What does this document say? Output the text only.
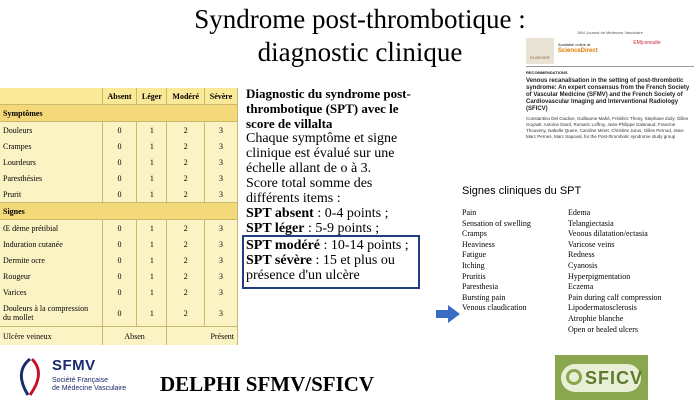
Syndrome post-thrombotique :
diagnostic clinique
	Absent	Léger	Modéré	Sévère
Symptômes				
Douleurs	0	1	2	3
Crampes	0	1	2	3
Lourdeurs	0	1	2	3
Paresthésies	0	1	2	3
Prurit	0	1	2	3
Signes				
Œ dème prétibial	0	1	2	3
Induration cutanée	0	1	2	3
Dermite ocre	0	1	2	3
Rougeur	0	1	2	3
Varices	0	1	2	3
Douleurs à la compression
du mollet	0	1	2	3
Ulcère veineux	Absen		Présent	

Diagnostic du syndrome post-thrombotique (SPT) avec le score de villalta

Chaque symptôme et signe clinique est évalué sur une échelle allant de o à 3.

Score total somme des différents items :

SPT absent : 0-4 points ;

SPT léger : 5-9 points ;

SPT modéré : 10-14 points ;
SPT sévère : 15 et plus ou présence d'un ulcère
JMV-Journal de Médecine Vasculaire
ELSEVIER
Available online at
ScienceDirect
EM|consulte
RECOMMENDATIONS
Venous recanalisation in the setting of post-thrombotic syndrome: An expert consensus from the French Society of Vascular Medicine (SFMV) and the French Society of Cardiovascular Imaging and Interventional Radiology (SFICV)
Constantino Del Giudice, Guillaume Mahé, Frédéric Thony, Stephane Zuily, Gilles Goyault, Antoine Diard, Romaric Loffroy, Jean-Philippe Galanaud, Francine Thouveny, Isabelle Quere, Caroline Minet, Christine Jurus, Gilles Pernod, Jean-Marc Pernes, Marc Sapoval, for the Post-thrombotic syndrome study group
Signes cliniques du SPT
Pain
Sensation of swelling
Cramps
Heaviness
Fatigue
Itching
Pruritis
Paresthesia
Bursting pain
Venous claudication
Edema
Telangiectasia
Veoous dilatation/ectasia
Varicose veins
Redness
Cyanosis
Hyperpigmentation
Eczema
Pain during calf compression
Lipodermatosclerosis
Atrophie blanche
Open or healed ulcers
SFMV
Société Française
de Médecine Vasculaire DELPHI SFMV/SFICV	SFICV
